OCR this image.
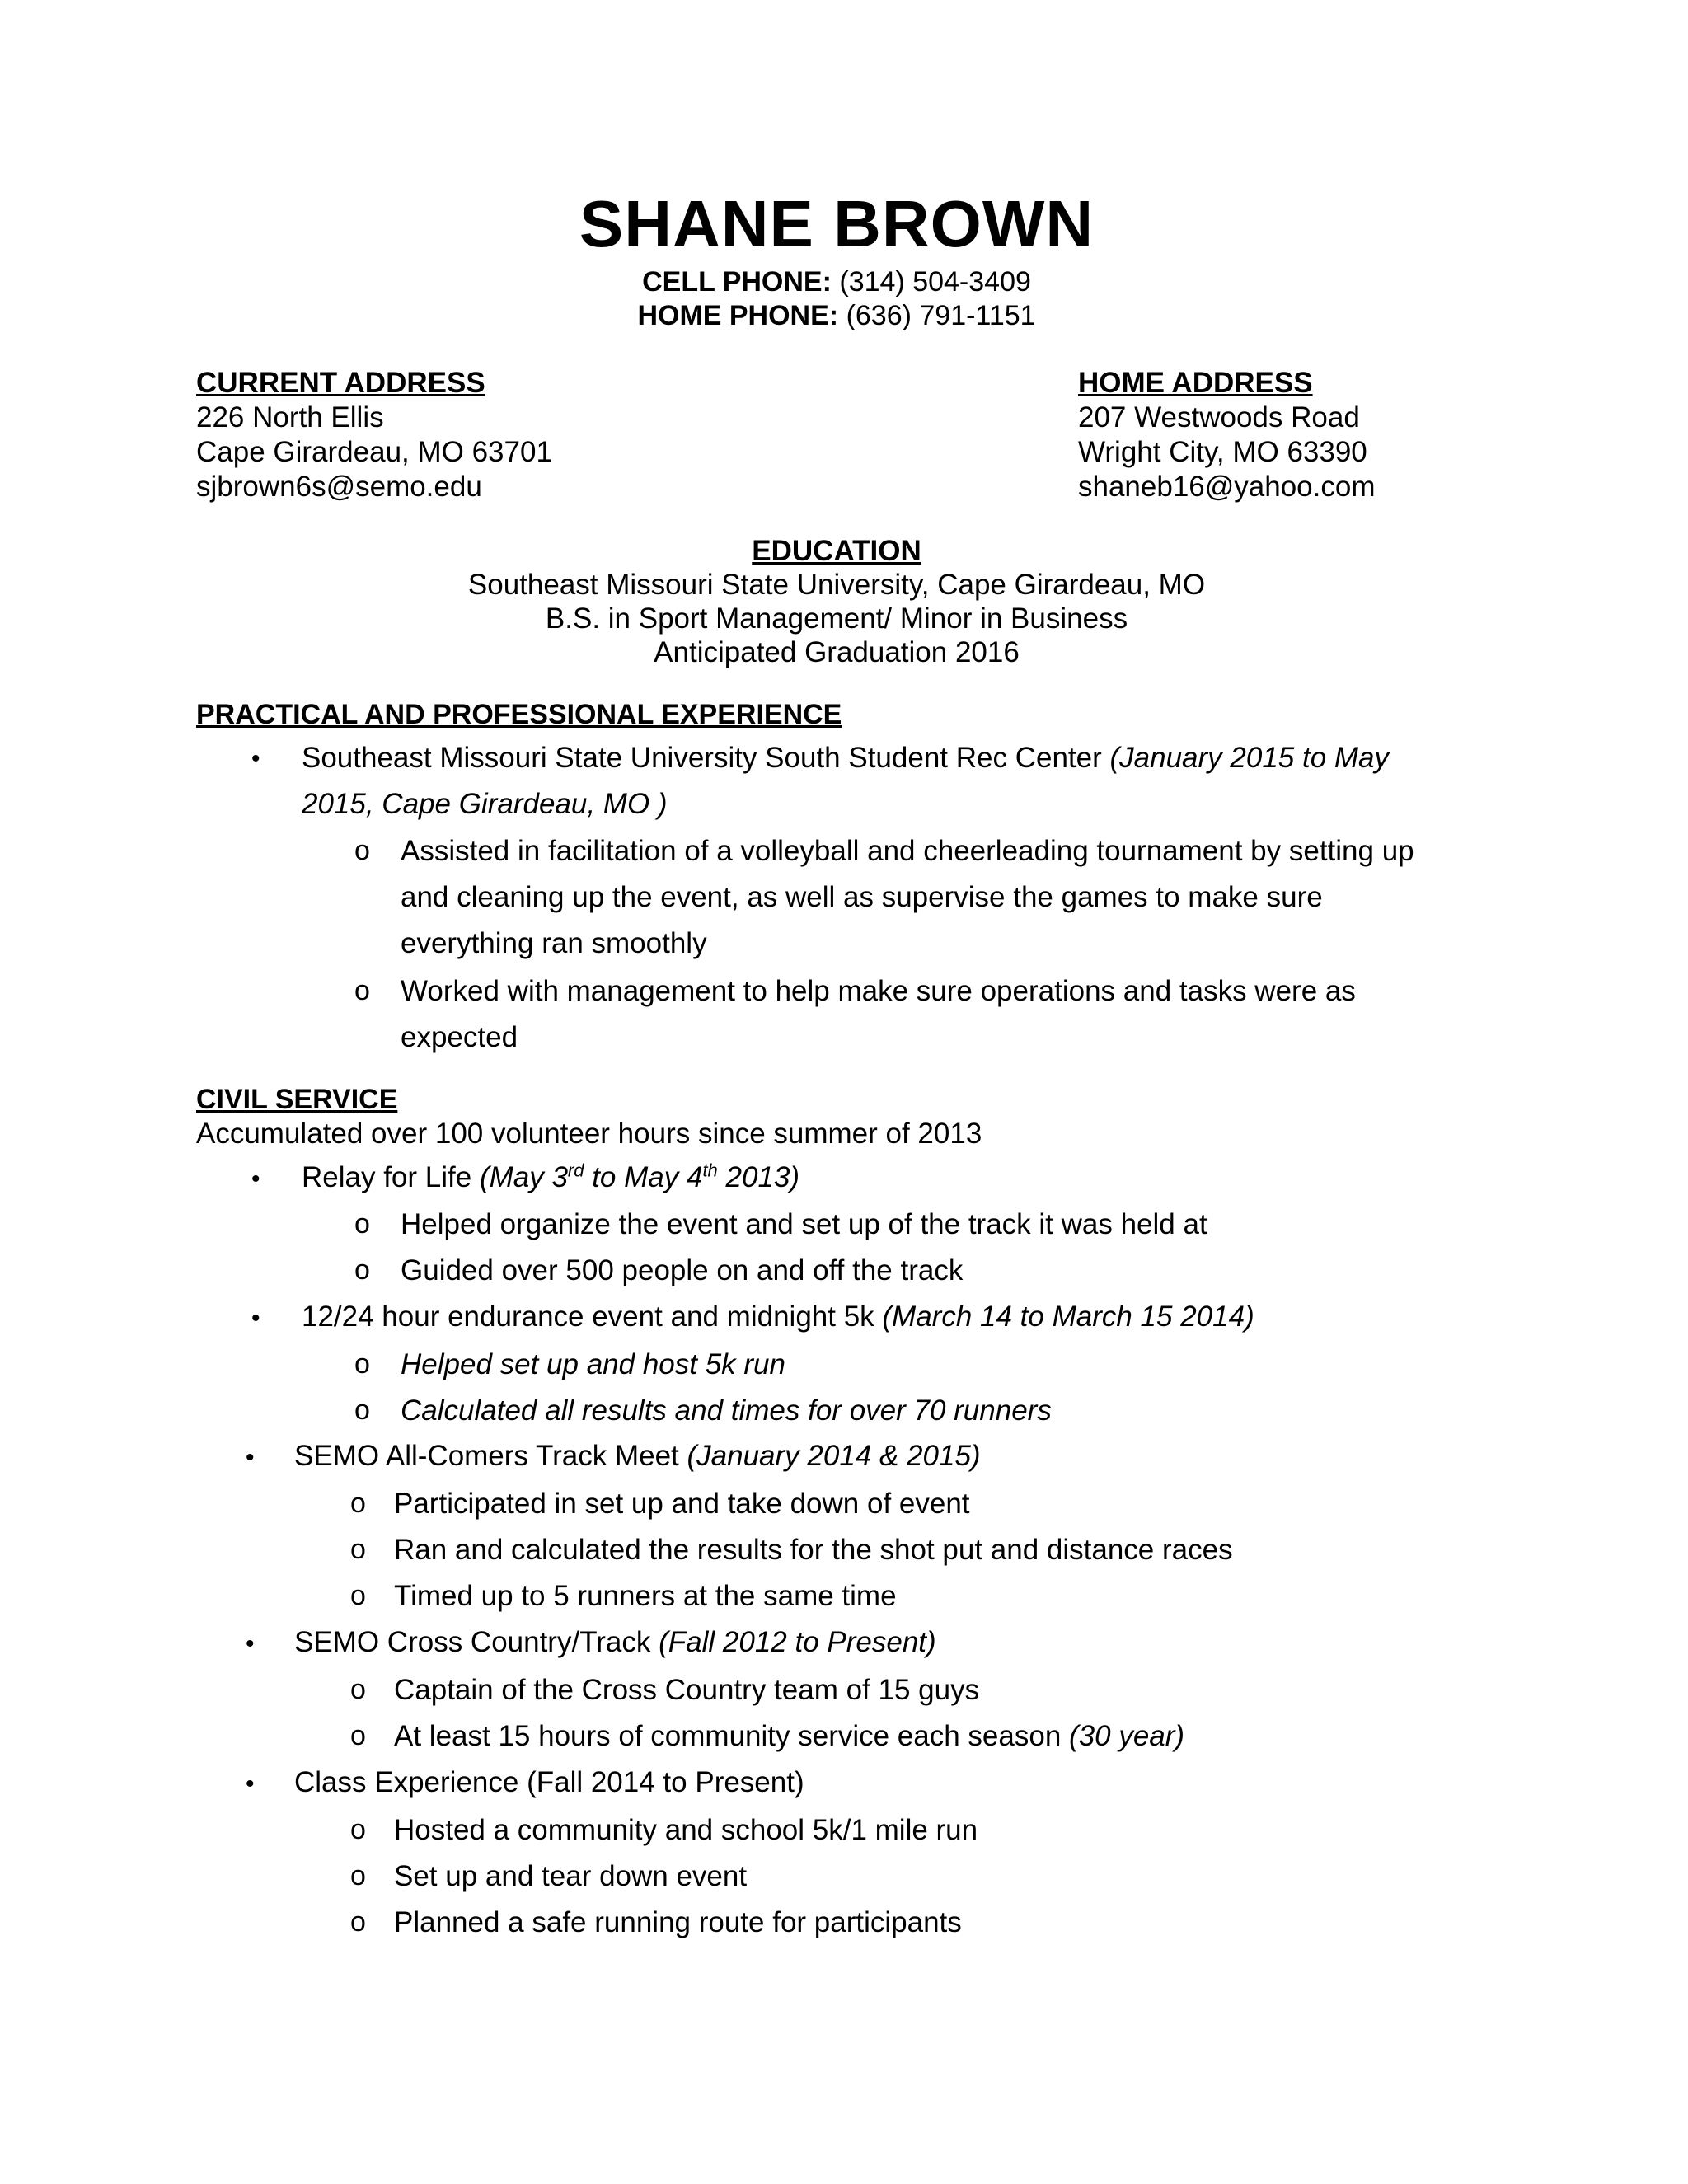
SHANE BROWN
CELL PHONE: (314) 504-3409
HOME PHONE: (636) 791-1151
CURRENT ADDRESS
226 North Ellis
Cape Girardeau, MO 63701
sjbrown6s@semo.edu
HOME ADDRESS
207 Westwoods Road
Wright City, MO 63390
shaneb16@yahoo.com
EDUCATION
Southeast Missouri State University, Cape Girardeau, MO
B.S. in Sport Management/ Minor in Business
Anticipated Graduation 2016
PRACTICAL AND PROFESSIONAL EXPERIENCE
• Southeast Missouri State University South Student Rec Center (January 2015 to May
2015, Cape Girardeau, MO )
o Assisted in facilitation of a volleyball and cheerleading tournament by setting up
and cleaning up the event, as well as supervise the games to make sure
everything ran smoothly
o Worked with management to help make sure operations and tasks were as
expected
CIVIL SERVICE
Accumulated over 100 volunteer hours since summer of 2013
• Relay for Life (May 3rd to May 4th 2013)
o Helped organize the event and set up of the track it was held at
o Guided over 500 people on and off the track
• 12/24 hour endurance event and midnight 5k (March 14 to March 15 2014)
o Helped set up and host 5k run
o Calculated all results and times for over 70 runners
• SEMO All-Comers Track Meet (January 2014 & 2015)
o Participated in set up and take down of event
o Ran and calculated the results for the shot put and distance races
o Timed up to 5 runners at the same time
• SEMO Cross Country/Track (Fall 2012 to Present)
o Captain of the Cross Country team of 15 guys
o At least 15 hours of community service each season (30 year)
• Class Experience (Fall 2014 to Present)
o Hosted a community and school 5k/1 mile run
o Set up and tear down event
o Planned a safe running route for participants
